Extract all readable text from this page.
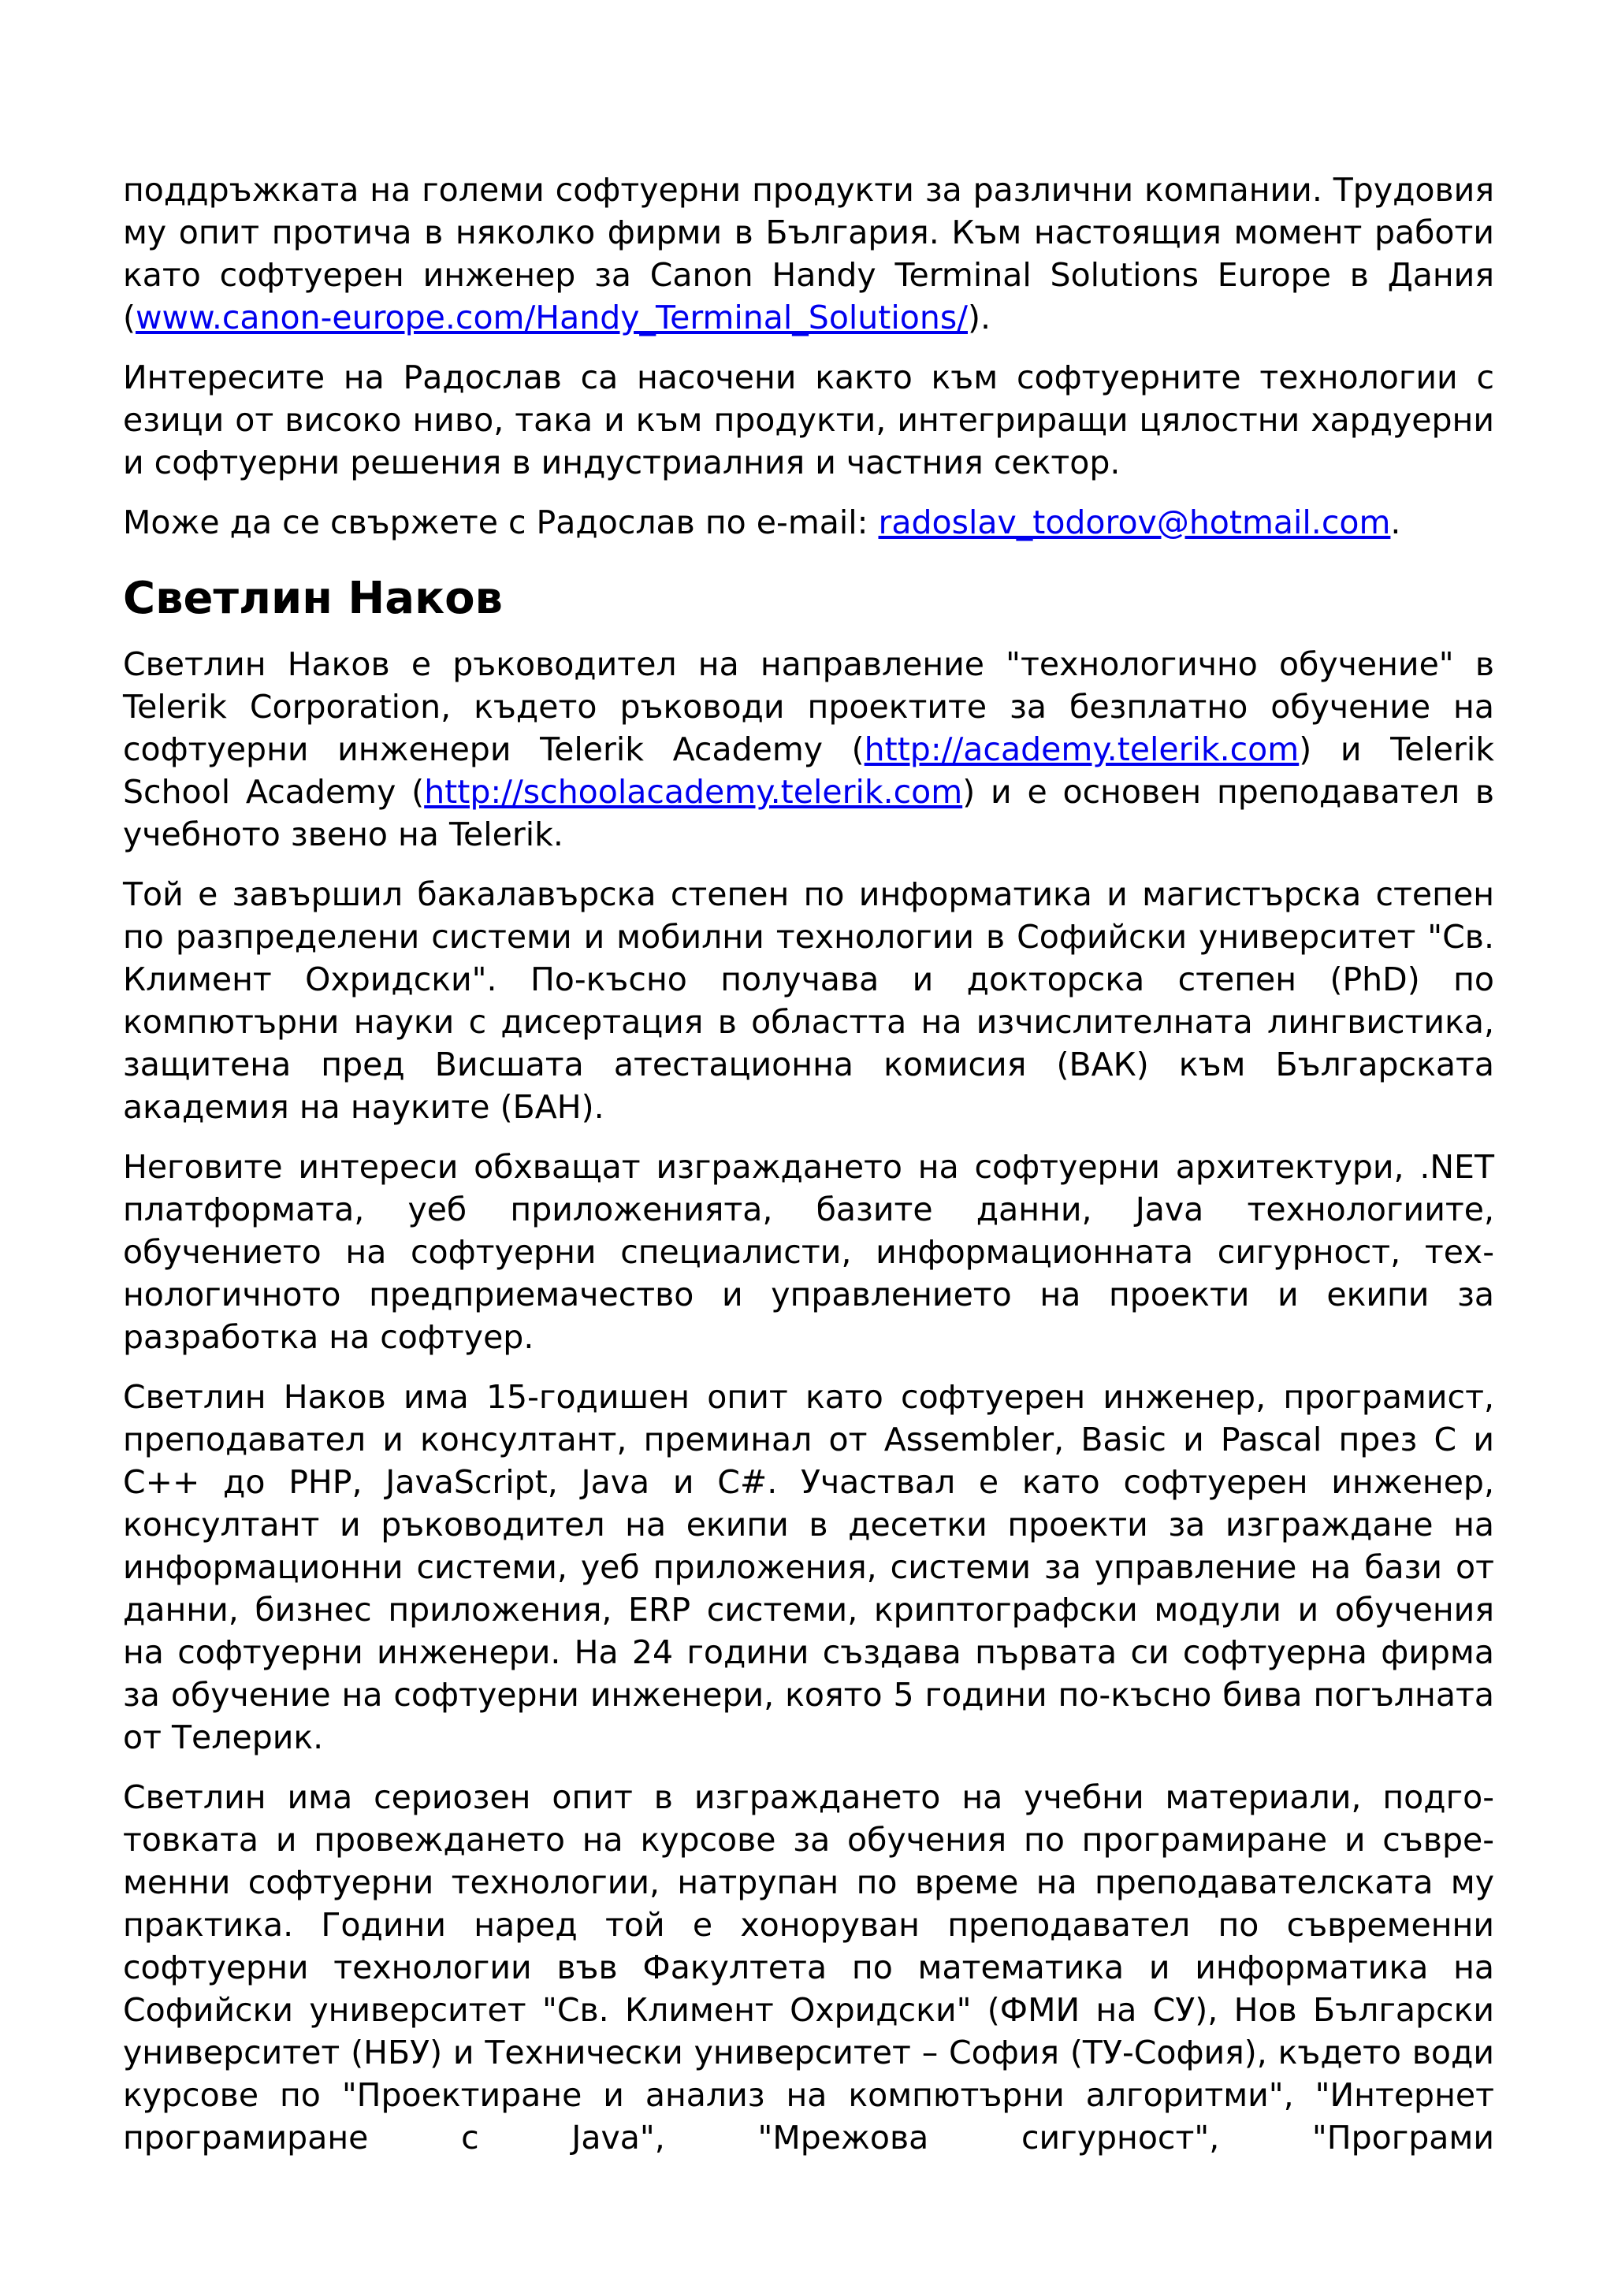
поддръжката на големи софтуерни продукти за различни компании. Трудовия му опит протича в няколко фирми в България. Към настоящия момент работи като софтуерен инженер за Canon Handy Terminal Solutions Europe в Дания (www.canon-europe.com/Handy_Terminal_Solutions/).

Интересите на Радослав са насочени както към софтуерните технологии с езици от високо ниво, така и към продукти, интегриращи цялостни хардуерни и софтуерни решения в индустриалния и частния сектор.

Може да се свържете с Радослав по e-mail: radoslav_todorov@hotmail.com.

Светлин Наков

Светлин Наков е ръководител на направление "технологично обучение" в Telerik Corporation, където ръководи проектите за безплатно обучение на софтуерни инженери Telerik Academy (http://academy.telerik.com) и Telerik School Academy (http://schoolacademy.telerik.com) и е основен преподавател в учебното звено на Telerik.

Той е завършил бакалавърска степен по информатика и магистърска степен по разпределени системи и мобилни технологии в Софийски университет "Св. Климент Охридски". По-късно получава и докторска степен (PhD) по компютърни науки с дисертация в областта на изчислителната лингвистика, защитена пред Висшата атестационна комисия (ВАК) към Българската академия на науките (БАН).

Неговите интереси обхващат изграждането на софтуерни архитектури, .NET платформата, уеб приложенията, базите данни, Java технологиите, обучението на софтуерни специалисти, информационната сигурност, технологичното предприемачество и управлението на проекти и екипи за разработка на софтуер.

Светлин Наков има 15-годишен опит като софтуерен инженер, програмист, преподавател и консултант, преминал от Assembler, Basic и Pascal през C и C++ до PHP, JavaScript, Java и C#. Участвал е като софтуерен инженер, консултант и ръководител на екипи в десетки проекти за изграждане на информационни системи, уеб приложения, системи за управление на бази от данни, бизнес приложения, ERP системи, криптографски модули и обучения на софтуерни инженери. На 24 години създава първата си софтуерна фирма за обучение на софтуерни инженери, която 5 години по-късно бива погълната от Телерик.

Светлин има сериозен опит в изграждането на учебни материали, подготовката и провеждането на курсове за обучения по програмиране и съвременни софтуерни технологии, натрупан по време на преподавателската му практика. Години наред той е хоноруван преподавател по съвременни софтуерни технологии във Факултета по математика и информатика на Софийски университет "Св. Климент Охридски" (ФМИ на СУ), Нов Български университет (НБУ) и Технически университет – София (ТУ-София), където води курсове по "Проектиране и анализ на компютърни алгоритми", "Интернет програмиране с Java", "Мрежова сигурност", "Програми
